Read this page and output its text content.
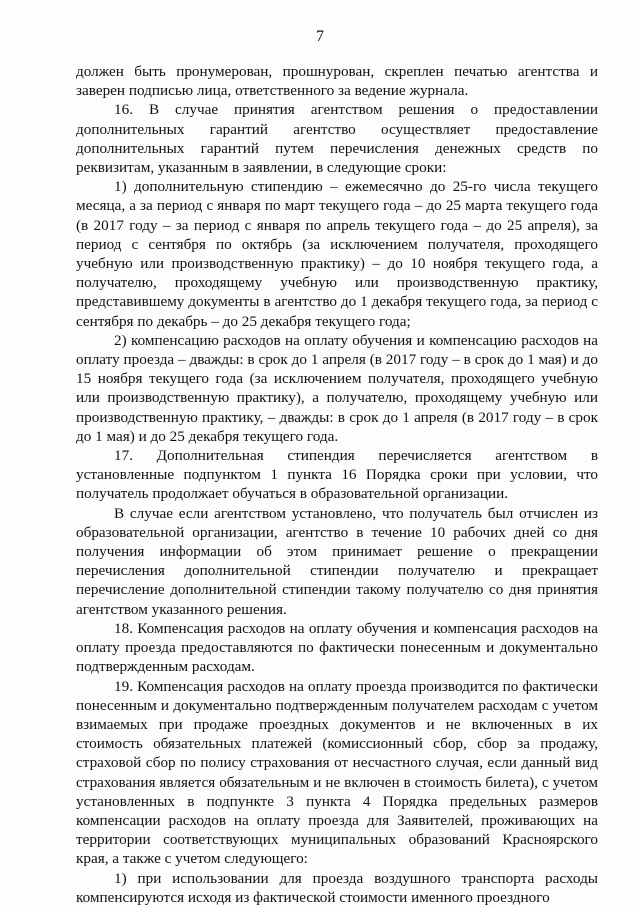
7

должен быть пронумерован, прошнурован, скреплен печатью агентства и заверен подписью лица, ответственного за ведение журнала.

16. В случае принятия агентством решения о предоставлении дополнительных гарантий агентство осуществляет предоставление дополнительных гарантий путем перечисления денежных средств по реквизитам, указанным в заявлении, в следующие сроки:

1) дополнительную стипендию – ежемесячно до 25-го числа текущего месяца, а за период с января по март текущего года – до 25 марта текущего года (в 2017 году – за период с января по апрель текущего года – до 25 апреля), за период с сентября по октябрь (за исключением получателя, проходящего учебную или производственную практику) – до 10 ноября текущего года, а получателю, проходящему учебную или производственную практику, представившему документы в агентство до 1 декабря текущего года, за период с сентября по декабрь – до 25 декабря текущего года;

2) компенсацию расходов на оплату обучения и компенсацию расходов на оплату проезда – дважды: в срок до 1 апреля (в 2017 году – в срок до 1 мая) и до 15 ноября текущего года (за исключением получателя, проходящего учебную или производственную практику), а получателю, проходящему учебную или производственную практику, – дважды: в срок до 1 апреля (в 2017 году – в срок до 1 мая) и до 25 декабря текущего года.

17. Дополнительная стипендия перечисляется агентством в установленные подпунктом 1 пункта 16 Порядка сроки при условии, что получатель продолжает обучаться в образовательной организации.

В случае если агентством установлено, что получатель был отчислен из образовательной организации, агентство в течение 10 рабочих дней со дня получения информации об этом принимает решение о прекращении перечисления дополнительной стипендии получателю и прекращает перечисление дополнительной стипендии такому получателю со дня принятия агентством указанного решения.

18. Компенсация расходов на оплату обучения и компенсация расходов на оплату проезда предоставляются по фактически понесенным и документально подтвержденным расходам.

19. Компенсация расходов на оплату проезда производится по фактически понесенным и документально подтвержденным получателем расходам с учетом взимаемых при продаже проездных документов и не включенных в их стоимость обязательных платежей (комиссионный сбор, сбор за продажу, страховой сбор по полису страхования от несчастного случая, если данный вид страхования является обязательным и не включен в стоимость билета), с учетом установленных в подпункте 3 пункта 4 Порядка предельных размеров компенсации расходов на оплату проезда для Заявителей, проживающих на территории соответствующих муниципальных образований Красноярского края, а также с учетом следующего:

1) при использовании для проезда воздушного транспорта расходы компенсируются исходя из фактической стоимости именного проездного
